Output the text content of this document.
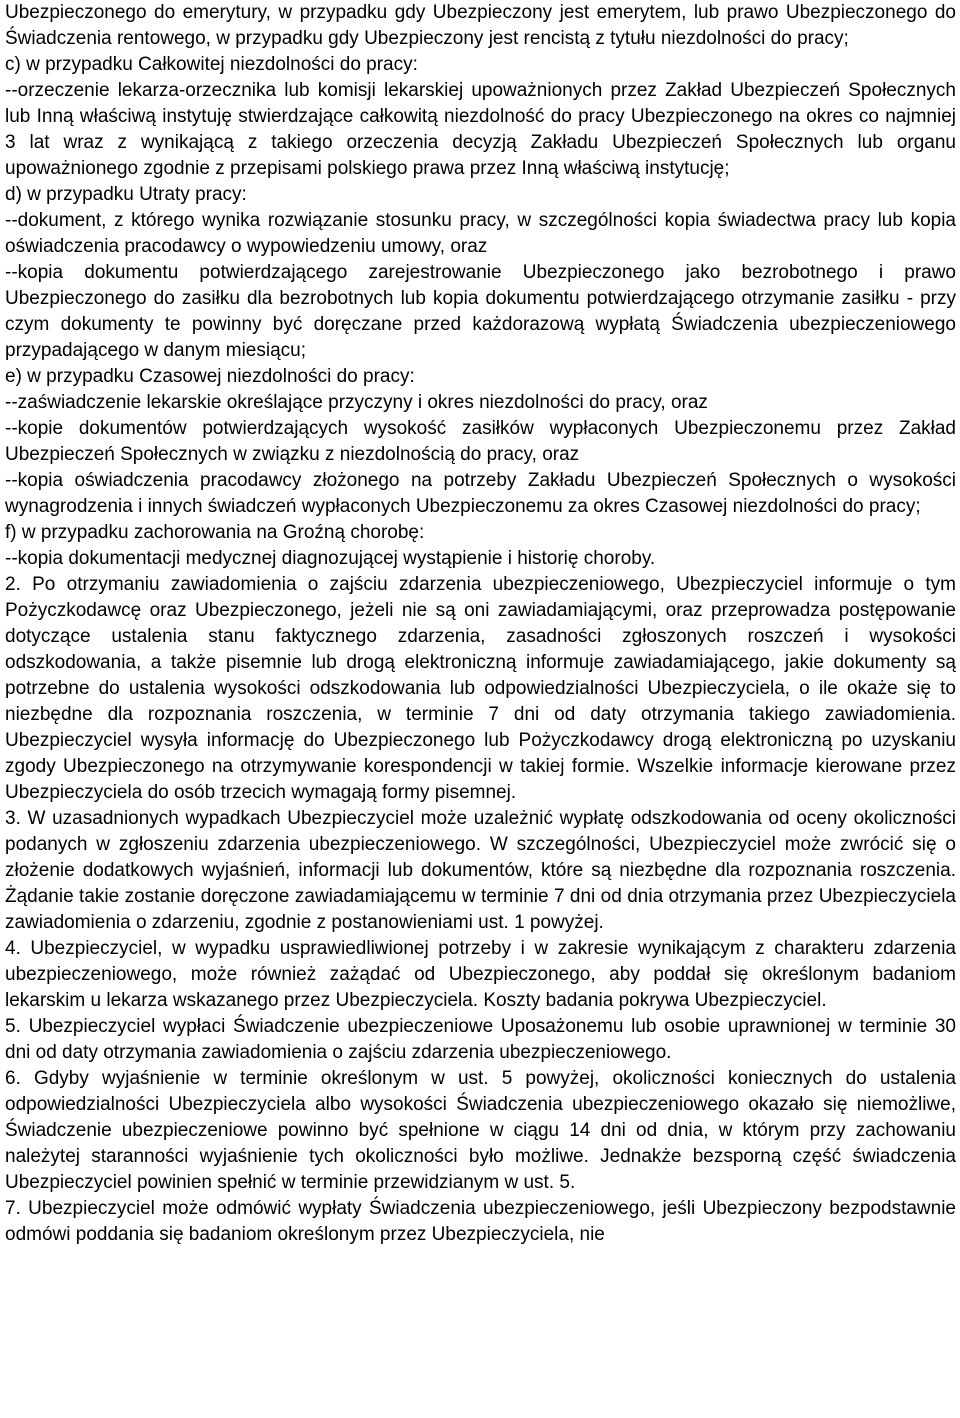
Ubezpieczonego do emerytury, w przypadku gdy Ubezpieczony jest emerytem, lub prawo Ubezpieczonego do Świadczenia rentowego, w przypadku gdy Ubezpieczony jest rencistą z tytułu niezdolności do pracy;

c) w przypadku Całkowitej niezdolności do pracy:

--orzeczenie lekarza-orzecznika lub komisji lekarskiej upoważnionych przez Zakład Ubezpieczeń Społecznych lub Inną właściwą instytuję stwierdzające całkowitą niezdolność do pracy Ubezpieczonego na okres co najmniej 3 lat wraz z wynikającą z takiego orzeczenia decyzją Zakładu Ubezpieczeń Społecznych lub organu upoważnionego zgodnie z przepisami polskiego prawa przez Inną właściwą instytucję;

d) w przypadku Utraty pracy:

--dokument, z którego wynika rozwiązanie stosunku pracy, w szczególności kopia świadectwa pracy lub kopia oświadczenia pracodawcy o wypowiedzeniu umowy, oraz

--kopia dokumentu potwierdzającego zarejestrowanie Ubezpieczonego jako bezrobotnego i prawo Ubezpieczonego do zasiłku dla bezrobotnych lub kopia dokumentu potwierdzającego otrzymanie zasiłku - przy czym dokumenty te powinny być doręczane przed każdorazową wypłatą Świadczenia ubezpieczeniowego przypadającego w danym miesiącu;

e) w przypadku Czasowej niezdolności do pracy:

--zaświadczenie lekarskie określające przyczyny i okres niezdolności do pracy, oraz

--kopie dokumentów potwierdzających wysokość zasiłków wypłaconych Ubezpieczonemu przez Zakład Ubezpieczeń Społecznych w związku z niezdolnością do pracy, oraz

--kopia oświadczenia pracodawcy złożonego na potrzeby Zakładu Ubezpieczeń Społecznych o wysokości wynagrodzenia i innych świadczeń wypłaconych Ubezpieczonemu za okres Czasowej niezdolności do pracy;

f) w przypadku zachorowania na Groźną chorobę:

--kopia dokumentacji medycznej diagnozującej wystąpienie i historię choroby.

2. Po otrzymaniu zawiadomienia o zajściu zdarzenia ubezpieczeniowego, Ubezpieczyciel informuje o tym Pożyczkodawcę oraz Ubezpieczonego, jeżeli nie są oni zawiadamiającymi, oraz przeprowadza postępowanie dotyczące ustalenia stanu faktycznego zdarzenia, zasadności zgłoszonych roszczeń i wysokości odszkodowania, a także pisemnie lub drogą elektroniczną informuje zawiadamiającego, jakie dokumenty są potrzebne do ustalenia wysokości odszkodowania lub odpowiedzialności Ubezpieczyciela, o ile okaże się to niezbędne dla rozpoznania roszczenia, w terminie 7 dni od daty otrzymania takiego zawiadomienia. Ubezpieczyciel wysyła informację do Ubezpieczonego lub Pożyczkodawcy drogą elektroniczną po uzyskaniu zgody Ubezpieczonego na otrzymywanie korespondencji w takiej formie. Wszelkie informacje kierowane przez Ubezpieczyciela do osób trzecich wymagają formy pisemnej.

3. W uzasadnionych wypadkach Ubezpieczyciel może uzależnić wypłatę odszkodowania od oceny okoliczności podanych w zgłoszeniu zdarzenia ubezpieczeniowego. W szczególności, Ubezpieczyciel może zwrócić się o złożenie dodatkowych wyjaśnień, informacji lub dokumentów, które są niezbędne dla rozpoznania roszczenia. Żądanie takie zostanie doręczone zawiadamiającemu w terminie 7 dni od dnia otrzymania przez Ubezpieczyciela zawiadomienia o zdarzeniu, zgodnie z postanowieniami ust. 1 powyżej.

4. Ubezpieczyciel, w wypadku usprawiedliwionej potrzeby i w zakresie wynikającym z charakteru zdarzenia ubezpieczeniowego, może również zażądać od Ubezpieczonego, aby poddał się określonym badaniom lekarskim u lekarza wskazanego przez Ubezpieczyciela. Koszty badania pokrywa Ubezpieczyciel.

5. Ubezpieczyciel wypłaci Świadczenie ubezpieczeniowe Uposażonemu lub osobie uprawnionej w terminie 30 dni od daty otrzymania zawiadomienia o zajściu zdarzenia ubezpieczeniowego.

6. Gdyby wyjaśnienie w terminie określonym w ust. 5 powyżej, okoliczności koniecznych do ustalenia odpowiedzialności Ubezpieczyciela albo wysokości Świadczenia ubezpieczeniowego okazało się niemożliwe, Świadczenie ubezpieczeniowe powinno być spełnione w ciągu 14 dni od dnia, w którym przy zachowaniu należytej staranności wyjaśnienie tych okoliczności było możliwe. Jednakże bezsporną część świadczenia Ubezpieczyciel powinien spełnić w terminie przewidzianym w ust. 5.

7. Ubezpieczyciel może odmówić wypłaty Świadczenia ubezpieczeniowego, jeśli Ubezpieczony bezpodstawnie odmówi poddania się badaniom określonym przez Ubezpieczyciela, nie
